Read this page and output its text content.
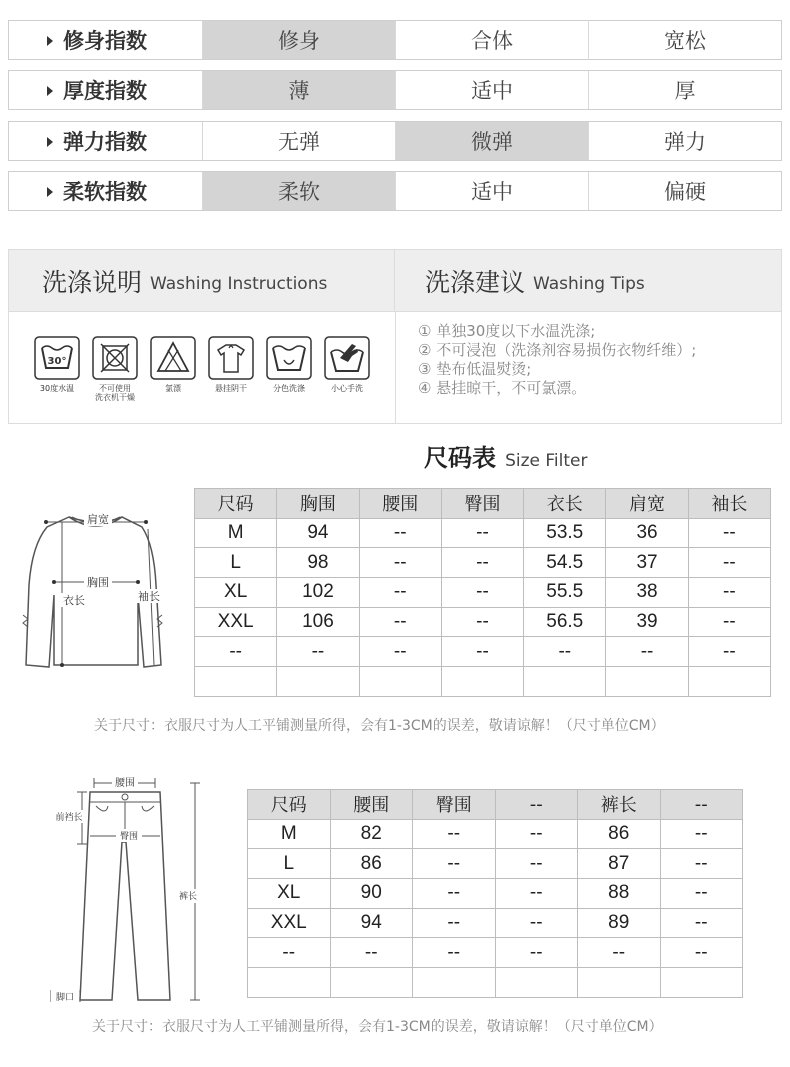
修身指数	修身	合体	宽松
厚度指数	薄	适中	厚
弹力指数	无弹	微弹	弹力
柔软指数	柔软	适中	偏硬
洗涤说明 Washing Instructions	洗涤建议 Washing Tips
30°
30度水温	不可使用
洗衣机干燥
氯漂	悬挂阴干	分色洗涤	小心手洗
① 单独30度以下水温洗涤;
② 不可浸泡（洗涤剂容易损伤衣物纤维）;
③ 垫布低温熨烫;
④ 悬挂晾干，不可氯漂。
尺码表 Size Filter
肩宽
胸围
衣长	袖长
尺码	胸围	腰围	臀围	衣长	肩宽	袖长
M	94	--	--	53.5	36	--
L	98	--	--	54.5	37	--
XL	102	--	--	55.5	38	--
XXL	106	--	--	56.5	39	--
--	--	--	--	--	--	--

关于尺寸：衣服尺寸为人工平铺测量所得，会有1-3CM的误差，敬请谅解！（尺寸单位CM）
腰围
前裆长
臀围
裤长
脚口
尺码	腰围	臀围	--	裤长	--
M	82	--	--	86	--
L	86	--	--	87	--
XL	90	--	--	88	--
XXL	94	--	--	89	--
--	--	--	--	--	--

关于尺寸：衣服尺寸为人工平铺测量所得，会有1-3CM的误差，敬请谅解！（尺寸单位CM）
